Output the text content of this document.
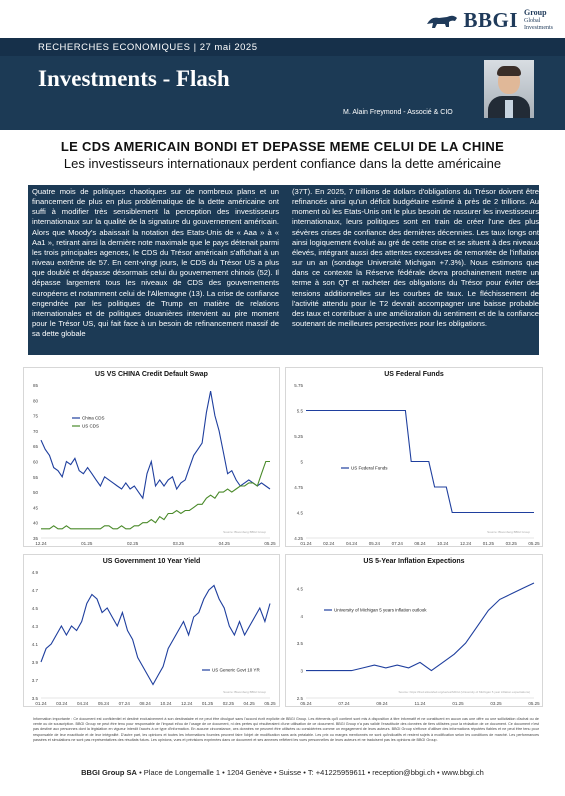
BBGI Group
Global
Investments
RECHERCHES ECONOMIQUES | 27 mai 2025
Investments - Flash
M. Alain Freymond - Associé & CIO
LE CDS AMERICAIN BONDI ET DEPASSE MEME CELUI DE LA CHINE
Les investisseurs internationaux perdent confiance dans la dette américaine
Quatre mois de politiques chaotiques sur de nombreux plans et un financement de plus en plus problématique de la dette américaine ont suffi à modifier très sensiblement la perception des investisseurs internationaux sur la qualité de la signature du gouvernement américain. Alors que Moody's abaissait la notation des Etats-Unis de « Aaa » à « Aa1 », retirant ainsi la dernière note maximale que le pays détenait parmi les trois principales agences, le CDS du Trésor américain s'affichait à un niveau extrême de 57. En cent-vingt jours, le CDS du Trésor US a plus que doublé et dépasse désormais celui du gouvernement chinois (52). Il dépasse largement tous les niveaux de CDS des gouvernements européens et notamment celui de l'Allemagne (13). La crise de confiance engendrée par les politiques de Trump en matière de relations internationales et de politiques douanières intervient au pire moment pour le Trésor US, qui fait face à un besoin de refinancement massif de sa dette globale
(37T). En 2025, 7 trillions de dollars d'obligations du Trésor doivent être refinancés ainsi qu'un déficit budgétaire estimé à près de 2 trillions. Au moment où les Etats-Unis ont le plus besoin de rassurer les investisseurs internationaux, leurs politiques sont en train de créer l'une des plus sévères crises de confiance des dernières décennies. Les taux longs ont ainsi logiquement évolué au gré de cette crise et se situent à des niveaux élevés, intégrant aussi des attentes excessives de remontée de l'inflation sur un an (sondage Université Michigan +7.3%). Nous estimons que dans ce contexte la Réserve fédérale devra prochainement mettre un terme à son QT et racheter des obligations du Trésor pour éviter des tensions additionnelles sur les courbes de taux. Le fléchissement de l'activité attendu pour le T2 devrait accompagner une baisse probable des taux et contribuer à une amélioration du sentiment et de la confiance soutenant de meilleures perspectives pour les obligations.
US VS CHINA Credit Default Swap
35
40
45
50
55
60
65
70
75
80
85
12.24	01.25	02.25	03.25	04.25	05.25
China CDS
US CDS
Source: Bloomberg BBGI Group
US Federal Funds
4.25
4.5
4.75
5
5.25
5.5
5.75
01.24	02.24	04.24	05.24	07.24	08.24	10.24	12.24	01.25	03.25	05.25
US Federal Funds
Source: Bloomberg BBGI Group
US Government 10 Year Yield
3.5
3.7
3.9
4.1
4.3
4.5
4.7
4.9
01.24 03.24 04.24 05.24 07.24 08.24 10.24 12.24 01.25 02.25 04.25 05.25
US Generic Govt 10 YR
Source: Bloomberg BBGI Group
US 5-Year Inflation Expections
2.5
3
3.5
4
4.5
05.24	07.24	09.24	11.24	01.25	03.25	05.25
University of Michigan 5 years inflation outlook
Source: https://fred.stlouisfed.org/series/MICH (University of Michigan 5 year inflation expectations)
Information importante : Ce document est confidentiel et destiné exclusivement à son destinataire et ne peut être divulgué sans l'accord écrit explicite de BBGI Group. Les éléments qu'il contient sont mis à disposition à titre informatif et ne constituent en aucun cas une offre ou une sollicitation d'achat ou de vente ou de souscription. BBGI Group ne peut être tenu pour responsable de l'impact et/ou de l'usage de ce document, ni des pertes qui résulteraient d'une utilisation de ce document. BBGI Group n'a pas validé l'exactitude des données de tiers utilisées pour la rédaction de ce document. Ce document n'est pas destiné aux personnes dont la législation en vigueur interdit l'accès à ce type d'information. En aucune circonstance, ces données ne peuvent être utilisées ou considérées comme un engagement de leurs auteurs. BBGI Group s'efforce d'utiliser des informations réputées fiables et ne peut être tenu pour responsable de leur exactitude et de leur intégralité. D'autre part, les opinions et toutes les informations fournies peuvent faire l'objet de modification sans avis préalable. Les prix ou marges mentionnés ne sont qu'indicatifs et restent sujets à modification selon les conditions de marché. Les performances passées et simulations ne sont pas représentatives des résultats futurs. Les opinions, vues et prévisions exprimées dans ce document et ses annexes reflètent les vues personnelles de leurs auteurs et ne traduisent pas les opinions de BBGI Group.
BBGI Group SA • Place de Longemalle 1 • 1204 Genève • Suisse • T: +41225959611 • reception@bbgi.ch • www.bbgi.ch
